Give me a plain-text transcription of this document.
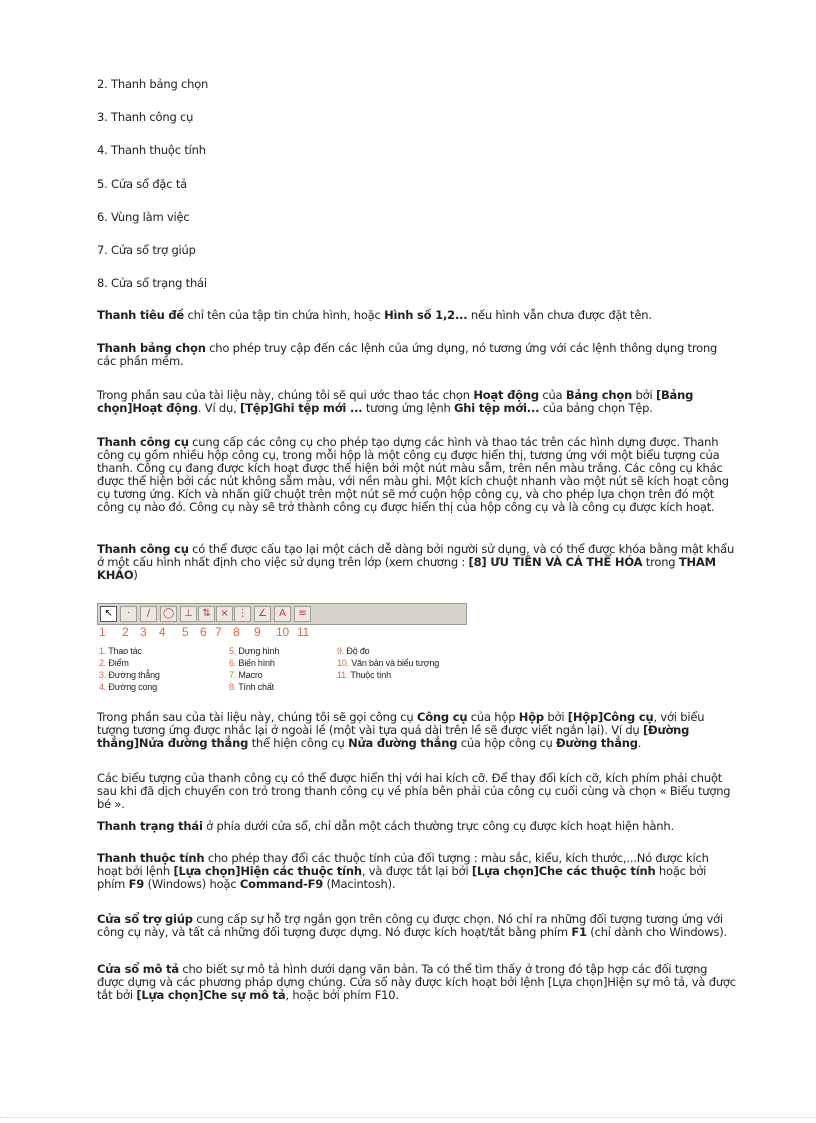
2. Thanh bảng chọn
3. Thanh công cụ
4. Thanh thuộc tính
5. Cửa sổ đặc tả
6. Vùng làm việc
7. Cửa sổ trợ giúp
8. Cửa sổ trạng thái
Thanh tiêu đề chỉ tên của tập tin chứa hình, hoặc Hình số 1,2... nếu hình vẫn chưa được đặt tên.
Thanh bảng chọn cho phép truy cập đến các lệnh của ứng dụng, nó tương ứng với các lệnh thông dụng trong các phần mềm.
Trong phần sau của tài liệu này, chúng tôi sẽ qui ước thao tác chọn Hoạt động của Bảng chọn bởi [Bảng chọn]Hoạt động. Ví dụ, [Tệp]Ghi tệp mới ... tương ứng lệnh Ghi tệp mới... của bảng chọn Tệp.
Thanh công cụ cung cấp các công cụ cho phép tạo dựng các hình và thao tác trên các hình dựng được. Thanh công cụ gồm nhiều hộp công cụ, trong mỗi hộp là một công cụ được hiển thị, tương ứng với một biểu tượng của thanh. Công cụ đang được kích hoạt được thể hiện bởi một nút màu sẫm, trên nền màu trắng. Các công cụ khác được thể hiện bởi các nút không sẫm màu, với nền màu ghi. Một kích chuột nhanh vào một nút sẽ kích hoạt công cụ tương ứng. Kích và nhấn giữ chuột trên một nút sẽ mở cuộn hộp công cụ, và cho phép lựa chọn trên đó một công cụ nào đó. Công cụ này sẽ trở thành công cụ được hiển thị của hộp công cụ và là công cụ được kích hoạt.
Thanh công cụ có thể được cấu tạo lại một cách dễ dàng bởi người sử dụng, và có thể được khóa bằng mật khẩu ở một cấu hình nhất định cho việc sử dụng trên lớp (xem chương : [8] ƯU TIÊN VÀ CÁ THỂ HÓA trong THAM KHẢO)
↖	·	∕	◯	⊥ ⇅ × ⋮	∠	A	≡
1 2 3 4 5 6 7 8 9 10 11
1. Thao tác
2. Điểm
3. Đường thẳng
4. Đường cong
5. Dựng hình
6. Biến hình
7. Macro
8. Tính chất
9. Độ đo
10. Văn bản và biểu tượng
11. Thuộc tính
Trong phần sau của tài liệu này, chúng tôi sẽ gọi công cụ Công cụ của hộp Hộp bởi [Hộp]Công cụ, với biểu tượng tương ứng được nhắc lại ở ngoài lề (một vài tựa quá dài trên lề sẽ được viết ngắn lại). Ví dụ [Đường thẳng]Nửa đường thẳng thể hiện công cụ Nửa đường thẳng của hộp công cụ Đường thẳng.
Các biểu tượng của thanh công cụ có thể được hiển thị với hai kích cỡ. Để thay đổi kích cỡ, kích phím phải chuột sau khi đã dịch chuyển con trỏ trong thanh công cụ về phía bên phải của công cụ cuối cùng và chọn « Biểu tượng bé ».
Thanh trạng thái ở phía dưới cửa sổ, chỉ dẫn một cách thường trực công cụ được kích hoạt hiện hành.
Thanh thuộc tính cho phép thay đổi các thuộc tính của đối tượng : màu sắc, kiểu, kích thước,...Nó được kích hoạt bởi lệnh [Lựa chọn]Hiện các thuộc tính, và được tắt lại bởi [Lựa chọn]Che các thuộc tính hoặc bởi phím F9 (Windows) hoặc Command-F9 (Macintosh).
Cửa sổ trợ giúp cung cấp sự hỗ trợ ngắn gọn trên công cụ được chọn. Nó chỉ ra những đối tượng tương ứng với công cụ này, và tất cả những đối tượng được dựng. Nó được kích hoạt/tắt bằng phím F1 (chỉ dành cho Windows).
Cửa sổ mô tả cho biết sự mô tả hình dưới dạng văn bản. Ta có thể tìm thấy ở trong đó tập hợp các đối tượng được dựng và các phương pháp dựng chúng. Cửa sổ này được kích hoạt bởi lệnh [Lựa chọn]Hiện sự mô tả, và được tắt bởi [Lựa chọn]Che sự mô tả, hoặc bởi phím F10.
